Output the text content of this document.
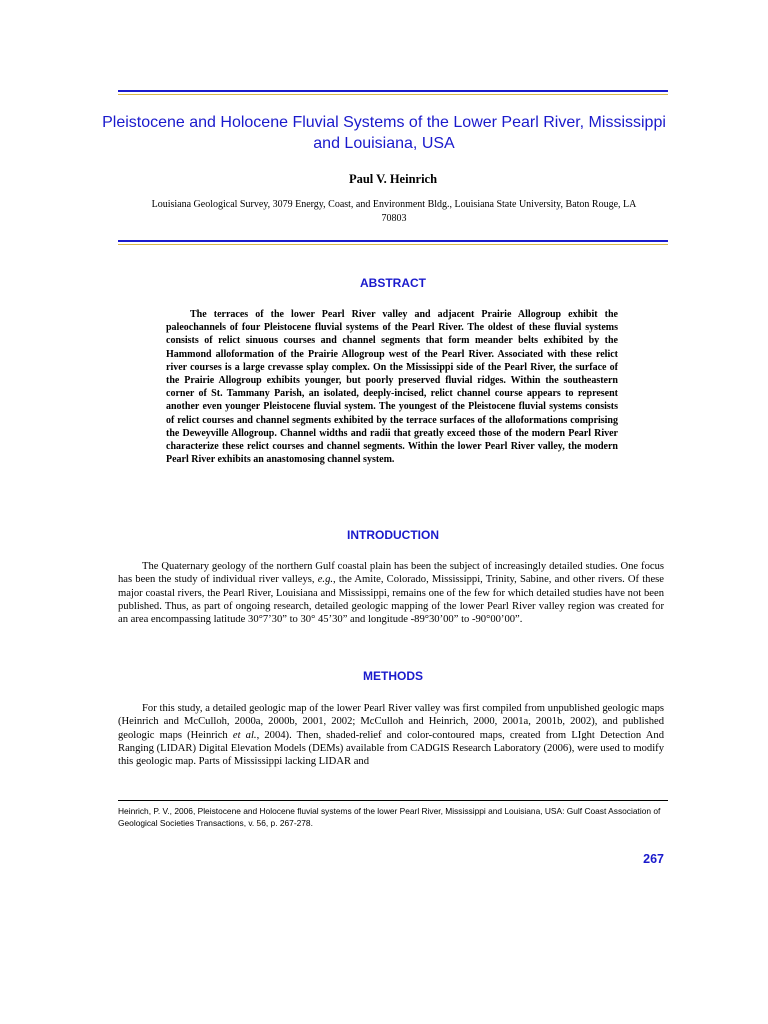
Pleistocene and Holocene Fluvial Systems of the Lower Pearl River, Mississippi and Louisiana, USA
Paul V. Heinrich
Louisiana Geological Survey, 3079 Energy, Coast, and Environment Bldg., Louisiana State University, Baton Rouge, LA 70803
ABSTRACT

The terraces of the lower Pearl River valley and adjacent Prairie Allogroup exhibit the paleochannels of four Pleistocene fluvial systems of the Pearl River. The oldest of these fluvial systems consists of relict sinuous courses and channel segments that form meander belts exhibited by the Hammond alloformation of the Prairie Allogroup west of the Pearl River. Associated with these relict river courses is a large crevasse splay complex. On the Mississippi side of the Pearl River, the surface of the Prairie Allogroup exhibits younger, but poorly preserved fluvial ridges. Within the southeastern corner of St. Tammany Parish, an isolated, deeply-incised, relict channel course appears to represent another even younger Pleistocene fluvial system. The youngest of the Pleistocene fluvial systems consists of relict courses and channel segments exhibited by the terrace surfaces of the alloformations comprising the Deweyville Allogroup. Channel widths and radii that greatly exceed those of the modern Pearl River characterize these relict courses and channel segments. Within the lower Pearl River valley, the modern Pearl River exhibits an anastomosing channel system.

INTRODUCTION

The Quaternary geology of the northern Gulf coastal plain has been the subject of increasingly detailed studies. One focus has been the study of individual river valleys, e.g., the Amite, Colorado, Mississippi, Trinity, Sabine, and other rivers. Of these major coastal rivers, the Pearl River, Louisiana and Mississippi, remains one of the few for which detailed studies have not been published. Thus, as part of ongoing research, detailed geologic mapping of the lower Pearl River valley region was created for an area encompassing latitude 30°7’30” to 30° 45’30” and longitude -89°30’00” to -90°00’00”.

METHODS

For this study, a detailed geologic map of the lower Pearl River valley was first compiled from unpublished geologic maps (Heinrich and McCulloh, 2000a, 2000b, 2001, 2002; McCulloh and Heinrich, 2000, 2001a, 2001b, 2002), and published geologic maps (Heinrich et al., 2004). Then, shaded-relief and color-contoured maps, created from LIght Detection And Ranging (LIDAR) Digital Elevation Models (DEMs) available from CADGIS Research Laboratory (2006), were used to modify this geologic map. Parts of Mississippi lacking LIDAR and

Heinrich, P. V., 2006, Pleistocene and Holocene fluvial systems of the lower Pearl River, Mississippi and Louisiana, USA: Gulf Coast Association of Geological Societies Transactions, v. 56, p. 267-278.

267
